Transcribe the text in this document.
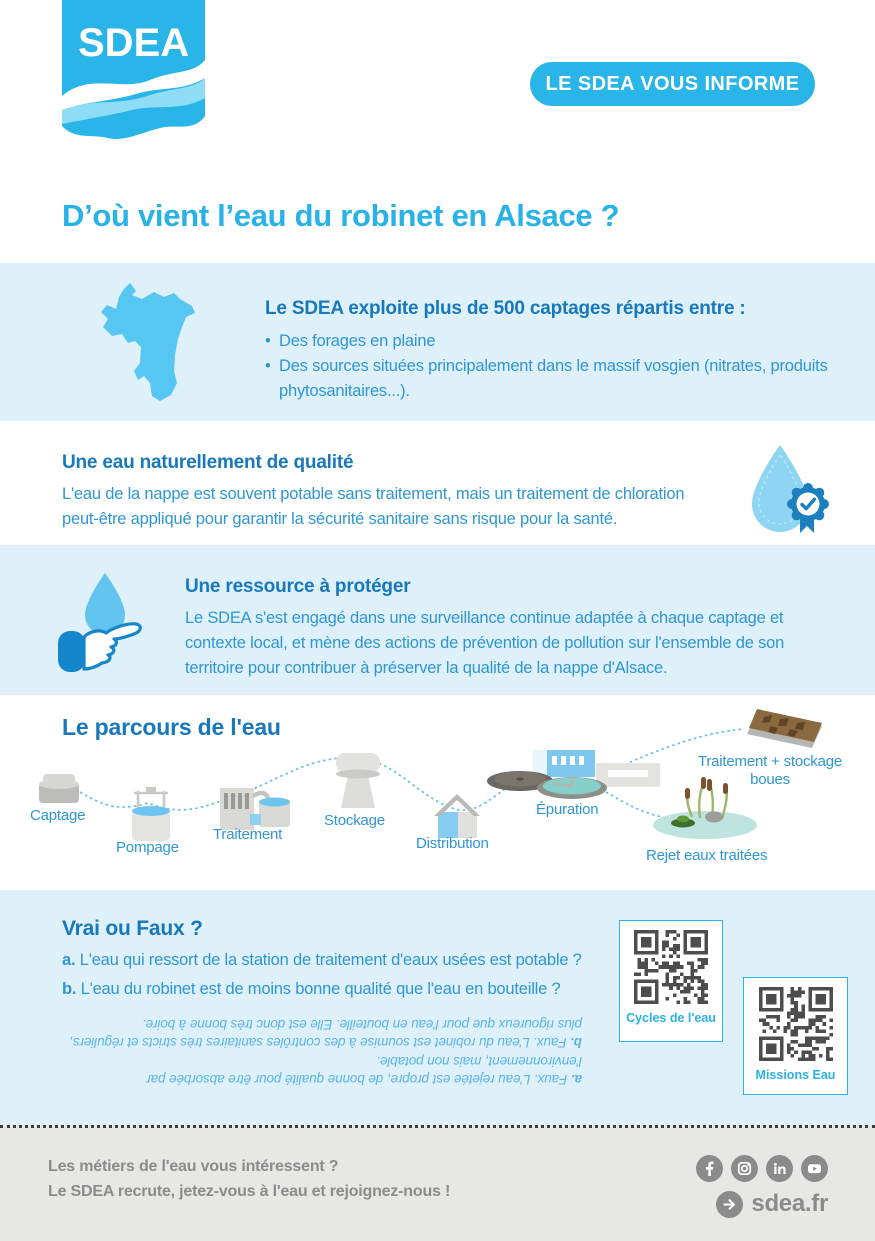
SDEA
LE SDEA VOUS INFORME
D’où vient l’eau du robinet en Alsace ?
Le SDEA exploite plus de 500 captages répartis entre :
• Des forages en plaine
• Des sources situées principalement dans le massif vosgien (nitrates, produits phytosanitaires...).
Une eau naturellement de qualité

L'eau de la nappe est souvent potable sans traitement, mais un traitement de chloration peut-être appliqué pour garantir la sécurité sanitaire sans risque pour la santé.

Une ressource à protéger

Le SDEA s'est engagé dans une surveillance continue adaptée à chaque captage et contexte local, et mène des actions de prévention de pollution sur l'ensemble de son territoire pour contribuer à préserver la qualité de la nappe d'Alsace.

Le parcours de l'eau
Captage
Pompage
Traitement
Stockage
Distribution
Épuration
Traitement + stockage boues
Rejet eaux traitées
Vrai ou Faux ?

a. L'eau qui ressort de la station de traitement d'eaux usées est potable ?

b. L'eau du robinet est de moins bonne qualité que l'eau en bouteille ?

a. Faux. L'eau rejetée est propre, de bonne qualité pour être absorbée par l'environnement, mais non potable.

b. Faux. L'eau du robinet est soumise à des contrôles sanitaires très stricts et réguliers, plus rigoureux que pour l'eau en bouteille. Elle est donc très bonne à boire.	Cycles de l'eau
Missions Eau
Les métiers de l'eau vous intéressent ?
Le SDEA recrute, jetez-vous à l'eau et rejoignez-nous !	sdea.fr
